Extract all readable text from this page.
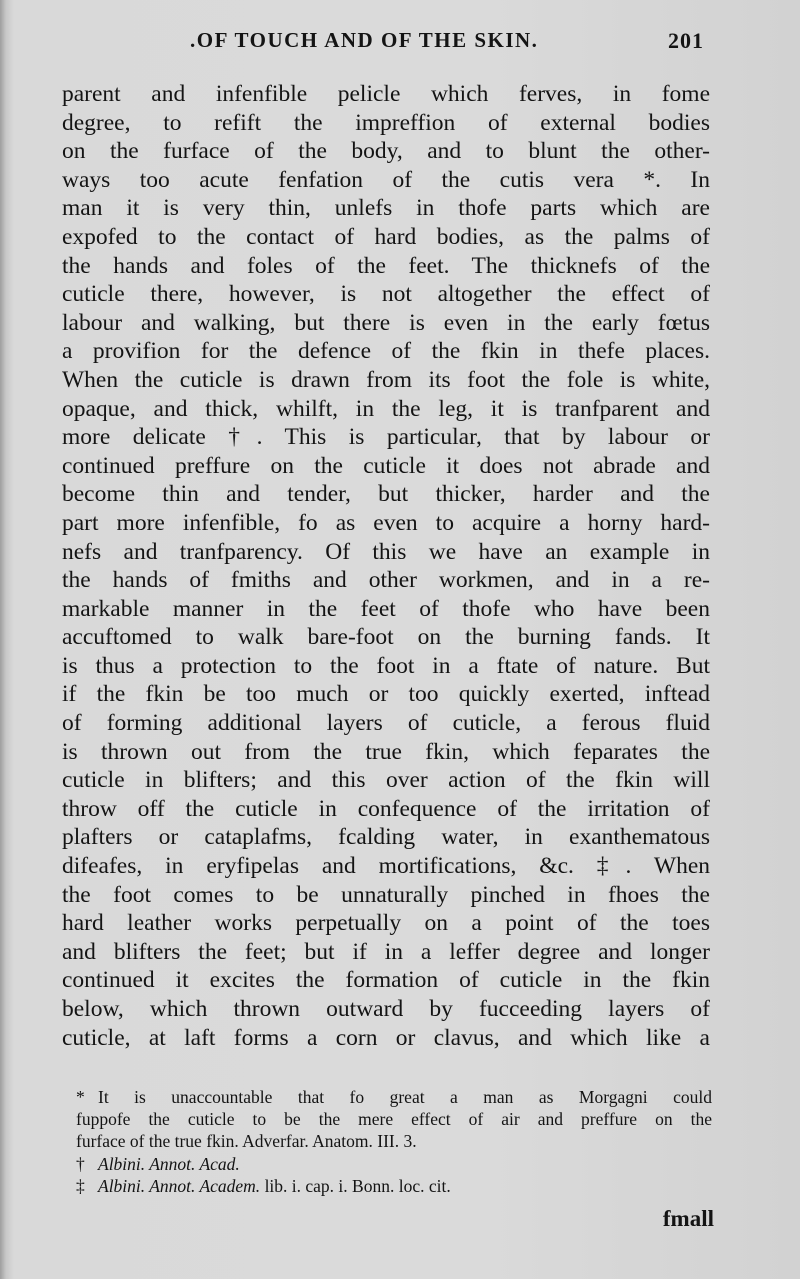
.OF TOUCH AND OF THE SKIN.	201
parent and infenfible pelicle which ferves, in fome
degree, to refift the impreffion of external bodies
on the furface of the body, and to blunt the other-
ways too acute fenfation of the cutis vera *. In
man it is very thin, unlefs in thofe parts which are
expofed to the contact of hard bodies, as the palms of
the hands and foles of the feet. The thicknefs of the
cuticle there, however, is not altogether the effect of
labour and walking, but there is even in the early fœtus
a provifion for the defence of the fkin in thefe places.
When the cuticle is drawn from its foot the fole is white,
opaque, and thick, whilft, in the leg, it is tranfparent and
more delicate †. This is particular, that by labour or
continued preffure on the cuticle it does not abrade and
become thin and tender, but thicker, harder and the
part more infenfible, fo as even to acquire a horny hard-
nefs and tranfparency. Of this we have an example in
the hands of fmiths and other workmen, and in a re-
markable manner in the feet of thofe who have been
accuftomed to walk bare-foot on the burning fands. It
is thus a protection to the foot in a ftate of nature. But
if the fkin be too much or too quickly exerted, inftead
of forming additional layers of cuticle, a ferous fluid
is thrown out from the true fkin, which feparates the
cuticle in blifters; and this over action of the fkin will
throw off the cuticle in confequence of the irritation of
plafters or cataplafms, fcalding water, in exanthematous
difeafes, in eryfipelas and mortifications, &c. ‡. When
the foot comes to be unnaturally pinched in fhoes the
hard leather works perpetually on a point of the toes
and blifters the feet; but if in a leffer degree and longer
continued it excites the formation of cuticle in the fkin
below, which thrown outward by fucceeding layers of
cuticle, at laft forms a corn or clavus, and which like a
* It is unaccountable that fo great a man as Morgagni could
fuppofe the cuticle to be the mere effect of air and preffure on the
furface of the true fkin. Adverfar. Anatom. III. 3.
† Albini. Annot. Acad.
‡ Albini. Annot. Academ. lib. i. cap. i. Bonn. loc. cit.
fmall
